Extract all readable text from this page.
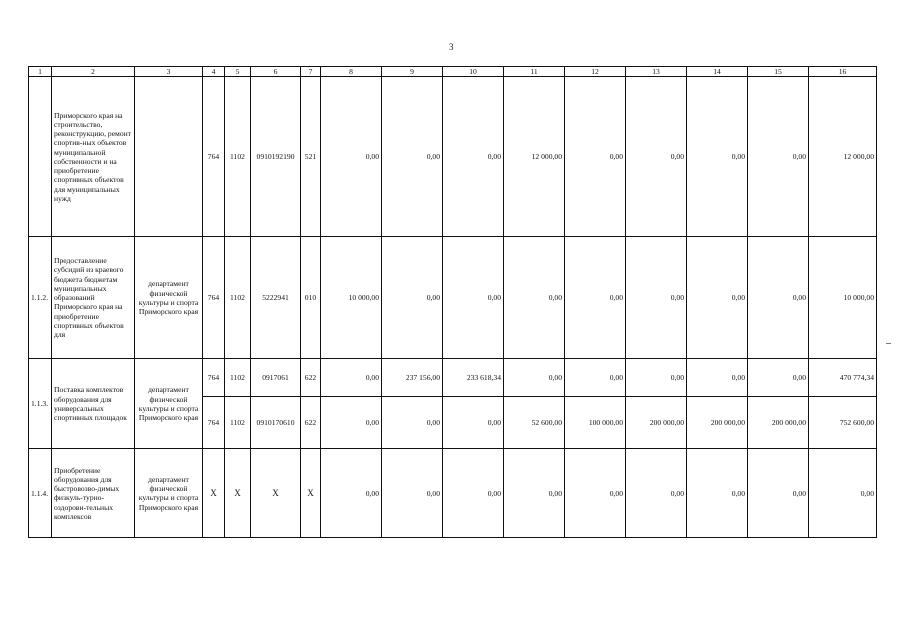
3
1	2	3	4	5	6	7	8	9	10	11	12	13	14	15	16
	Приморского края на строительство, реконструкцию, ремонт спортив-ных объектов муниципальной собственности и на приобретение спортивных объектов для муниципальных нужд		764	1102	0910192190	521	0,00	0,00	0,00	12 000,00	0,00	0,00	0,00	0,00	12 000,00
1.1.2.	Предоставление субсидий из краевого бюджета бюджетам муниципальных образований Приморского края на приобретение спортивных объектов для	департамент физической культуры и спорта Приморского края	764	1102	5222941	010	10 000,00	0,00	0,00	0,00	0,00	0,00	0,00	0,00	10 000,00
1.1.3.	Поставка комплектов оборудования для универсальных спортивных площадок	департамент физической культуры и спорта Приморского края	764	1102	0917061	622	0,00	237 156,00	233 618,34	0,00	0,00	0,00	0,00	0,00	470 774,34
			764	1102	0910170610	622	0,00	0,00	0,00	52 600,00	100 000,00	200 000,00	200 000,00	200 000,00	752 600,00
1.1.4.	Приобретение оборудования для быстровозво-димых физкуль-турно-оздорови-тельных комплексов	департамент физической культуры и спорта Приморского края	X	X	X	X	0,00	0,00	0,00	0,00	0,00	0,00	0,00	0,00	0,00
